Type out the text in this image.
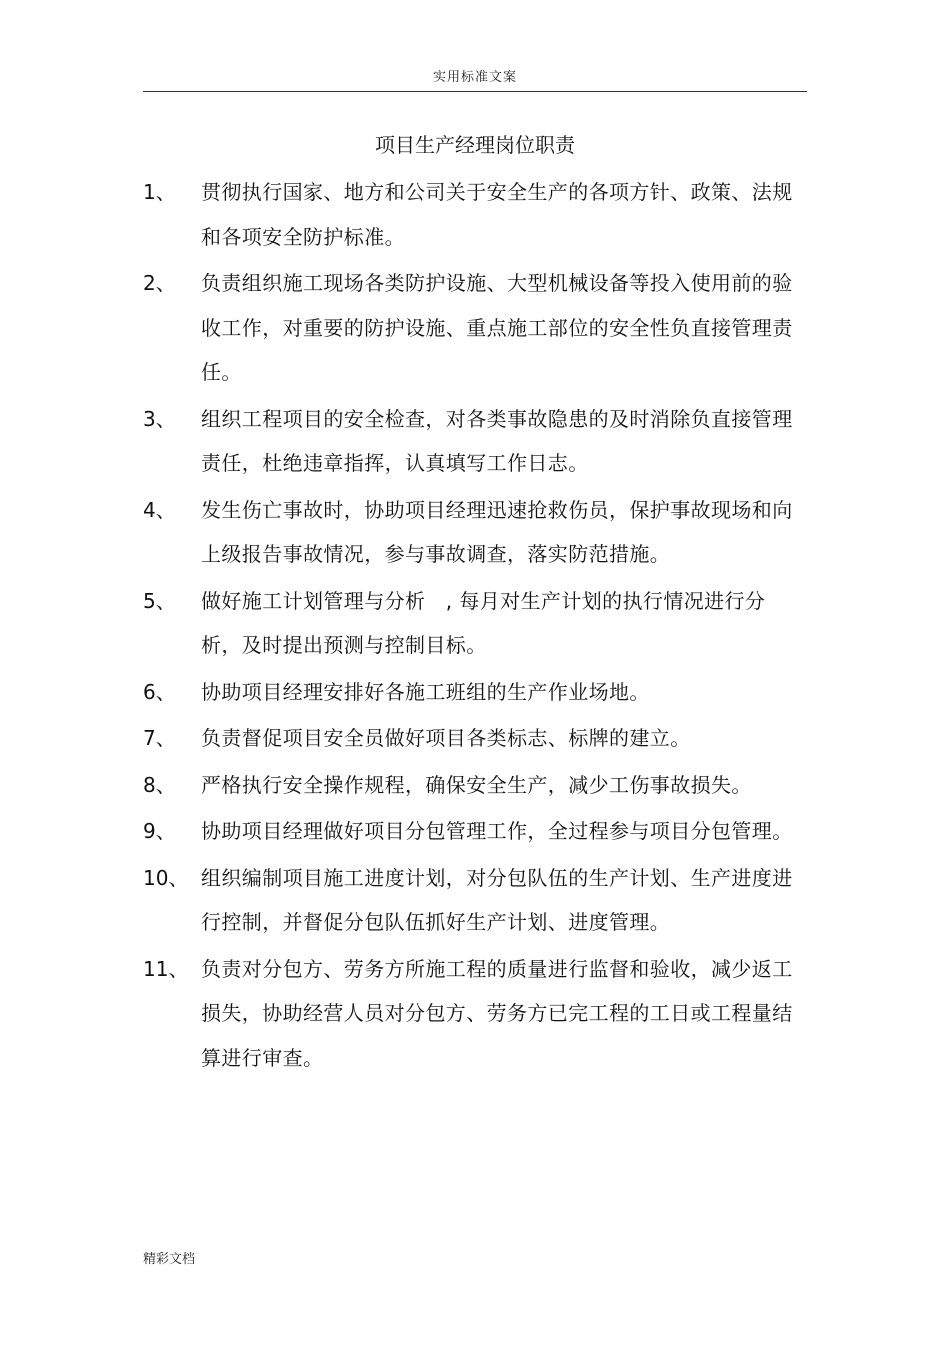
实用标准文案
项目生产经理岗位职责
1、	贯彻执行国家、地方和公司关于安全生产的各项方针、政策、法规和各项安全防护标准。
2、	负责组织施工现场各类防护设施、大型机械设备等投入使用前的验收工作，对重要的防护设施、重点施工部位的安全性负直接管理责任。
3、	组织工程项目的安全检查，对各类事故隐患的及时消除负直接管理责任，杜绝违章指挥，认真填写工作日志。
4、	发生伤亡事故时，协助项目经理迅速抢救伤员，保护事故现场和向上级报告事故情况，参与事故调查，落实防范措施。
5、	做好施工计划管理与分析　, 每月对生产计划的执行情况进行分析，及时提出预测与控制目标。
6、	协助项目经理安排好各施工班组的生产作业场地。
7、	负责督促项目安全员做好项目各类标志、标牌的建立。
8、	严格执行安全操作规程，确保安全生产，减少工伤事故损失。
9、	协助项目经理做好项目分包管理工作，全过程参与项目分包管理。
10、 组织编制项目施工进度计划，对分包队伍的生产计划、生产进度进行控制，并督促分包队伍抓好生产计划、进度管理。
11、 负责对分包方、劳务方所施工程的质量进行监督和验收，减少返工损失，协助经营人员对分包方、劳务方已完工程的工日或工程量结算进行审查。
精彩文档
